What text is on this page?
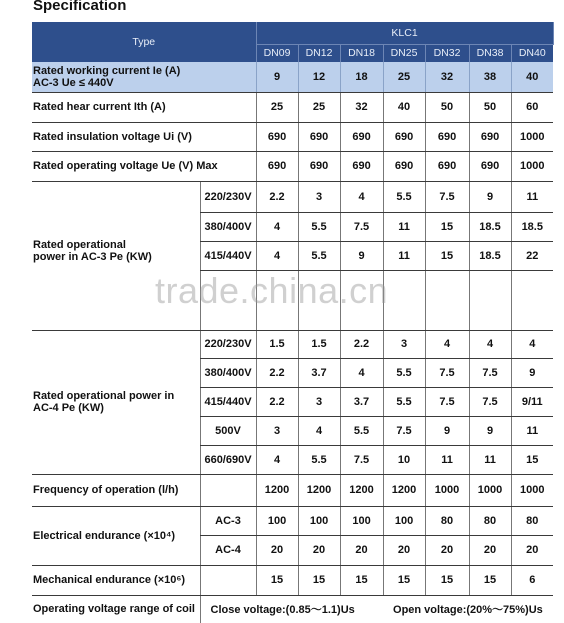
Specification
Type		KLC1						
		DN09	DN12	DN18	DN25	DN32	DN38	DN40

Rated working current Ie (A)
AC-3 Ue ≤ 440V		9	12	18	25	32	38	40
Rated hear current Ith (A)		25	25	32	40	50	50	60
Rated insulation voltage Ui (V)		690	690	690	690	690	690	1000
Rated operating voltage Ue (V) Max		690	690	690	690	690	690	1000

Rated operational
power in AC-3 Pe (KW)	220/230V	2.2	3	4	5.5	7.5	9	11
	380/400V	4	5.5	7.5	11	15	18.5	18.5
	415/440V	4	5.5	9	11	15	18.5	22

Rated operational power in
AC-4 Pe (KW)	220/230V	1.5	1.5	2.2	3	4	4	4
	380/400V	2.2	3.7	4	5.5	7.5	7.5	9
	415/440V	2.2	3	3.7	5.5	7.5	7.5	9/11
	500V	3	4	5.5	7.5	9	9	11
	660/690V	4	5.5	7.5	10	11	11	15
Frequency of operation (l/h)		1200	1200	1200	1200	1000	1000	1000
Electrical endurance (×10⁴)	AC-3	100	100	100	100	80	80	80
	AC-4	20	20	20	20	20	20	20
Mechanical endurance (×10⁶)		15	15	15	15	15	15	6
Operating voltage range of coil	Close voltage:(0.85～1.1)Us				Open voltage:(20%～75%)Us			
trade.china.cn
